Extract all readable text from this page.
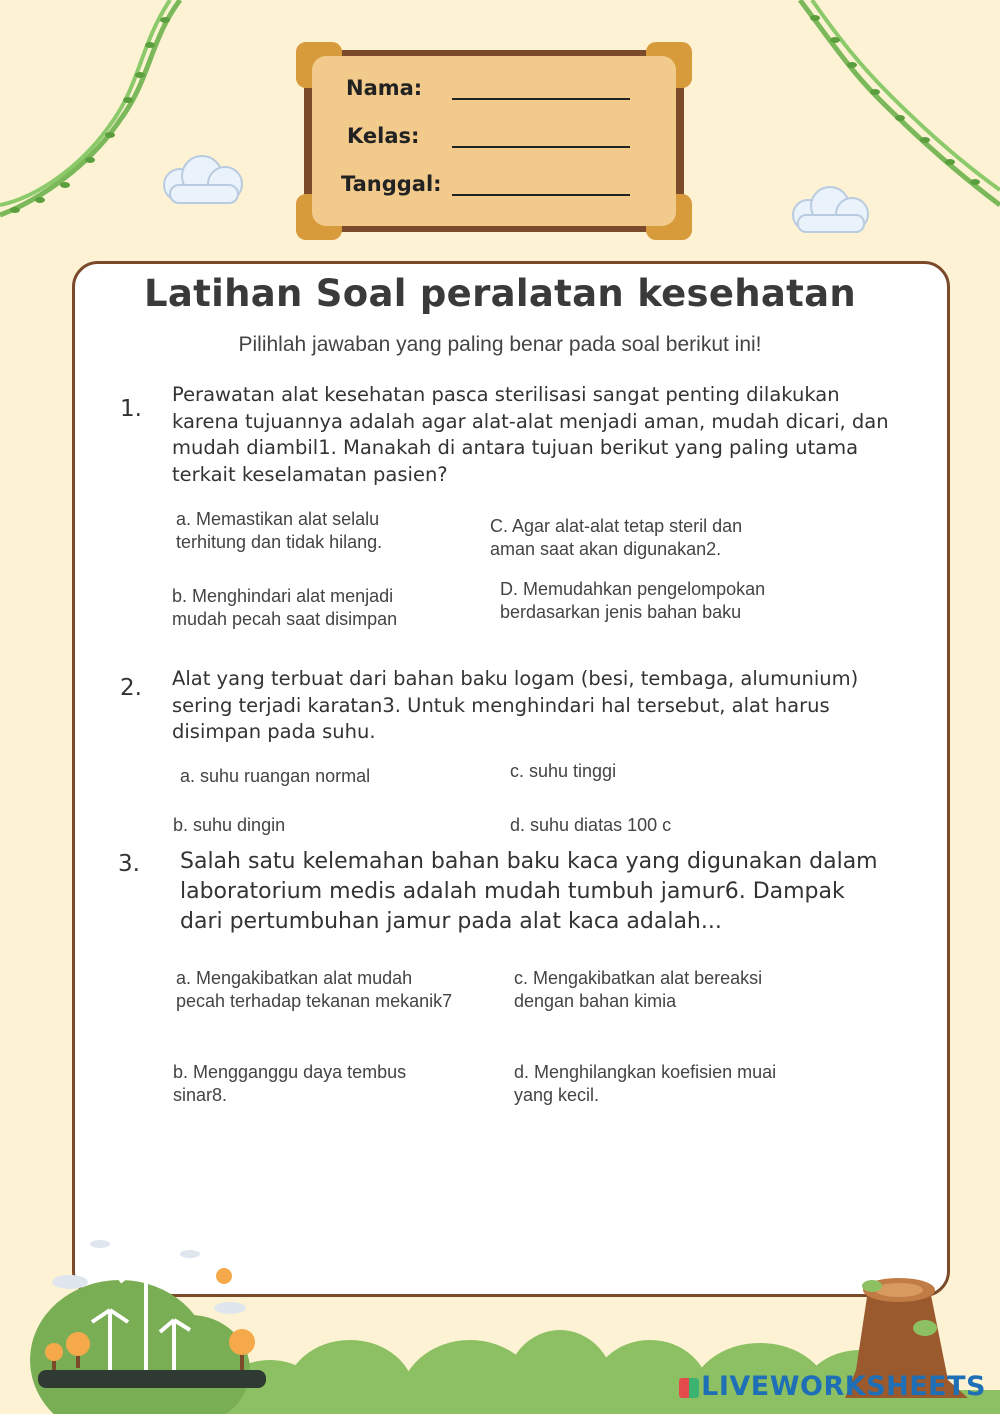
Nama:
Kelas:
Tanggal:
Latihan Soal peralatan kesehatan
Pilihlah jawaban yang paling benar pada soal berikut ini!
1.
Perawatan alat kesehatan pasca sterilisasi sangat penting dilakukan karena tujuannya adalah agar alat-alat menjadi aman, mudah dicari, dan mudah diambil1. Manakah di antara tujuan berikut yang paling utama terkait keselamatan pasien?
a. Memastikan alat selalu terhitung dan tidak hilang.
C. Agar alat-alat tetap steril dan aman saat akan digunakan2.
b. Menghindari alat menjadi mudah pecah saat disimpan
D. Memudahkan pengelompokan berdasarkan jenis bahan baku
2. Alat yang terbuat dari bahan baku logam (besi, tembaga, alumunium) sering terjadi karatan3. Untuk menghindari hal tersebut, alat harus disimpan pada suhu.
a. suhu ruangan normal	c. suhu tinggi
b. suhu dingin	d. suhu diatas 100 c
3. Salah satu kelemahan bahan baku kaca yang digunakan dalam laboratorium medis adalah mudah tumbuh jamur6. Dampak dari pertumbuhan jamur pada alat kaca adalah...
a. Mengakibatkan alat mudah pecah terhadap tekanan mekanik7
c. Mengakibatkan alat bereaksi dengan bahan kimia
b. Mengganggu daya tembus sinar8.
d. Menghilangkan koefisien muai yang kecil.
LIVEWORKSHEETS
